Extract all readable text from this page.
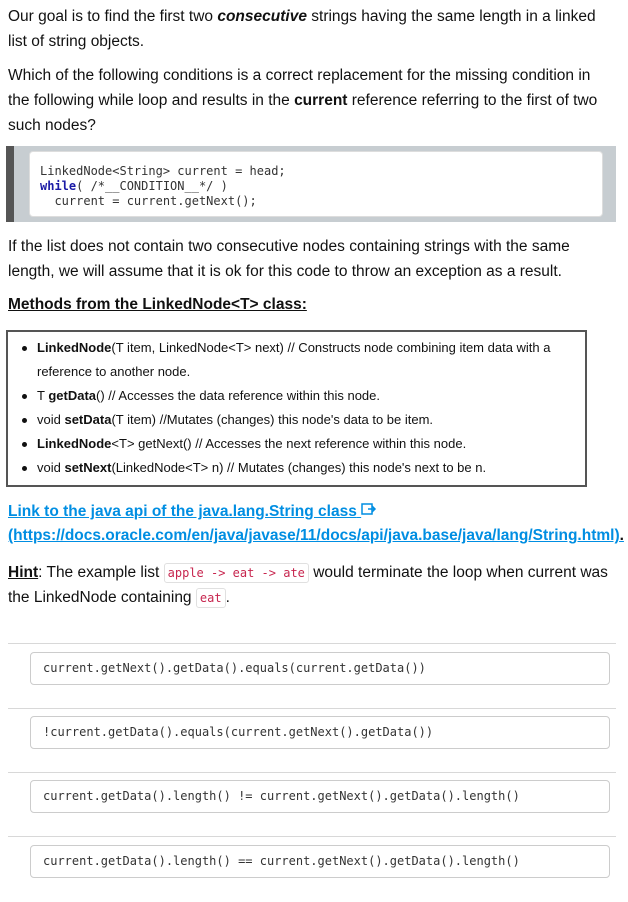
Our goal is to find the first two consecutive strings having the same length in a linked list of string objects.
Which of the following conditions is a correct replacement for the missing condition in the following while loop and results in the current reference referring to the first of two such nodes?
LinkedNode<String> current = head;
while( /*__CONDITION__*/ )
current = current.getNext();
If the list does not contain two consecutive nodes containing strings with the same length, we will assume that it is ok for this code to throw an exception as a result.
Methods from the LinkedNode<T> class:
LinkedNode(T item, LinkedNode<T> next) // Constructs node combining item data with a reference to another node.
T getData() // Accesses the data reference within this node.
void setData(T item) //Mutates (changes) this node's data to be item.
LinkedNode<T> getNext() // Accesses the next reference within this node.
void setNext(LinkedNode<T> n) // Mutates (changes) this node's next to be n.
Link to the java api of the java.lang.String class
(https://docs.oracle.com/en/java/javase/11/docs/api/java.base/java/lang/String.html).
Hint: The example list apple -> eat -> ate would terminate the loop when current was the LinkedNode containing eat .
current.getNext().getData().equals(current.getData())
!current.getData().equals(current.getNext().getData())
current.getData().length() != current.getNext().getData().length()
current.getData().length() == current.getNext().getData().length()
